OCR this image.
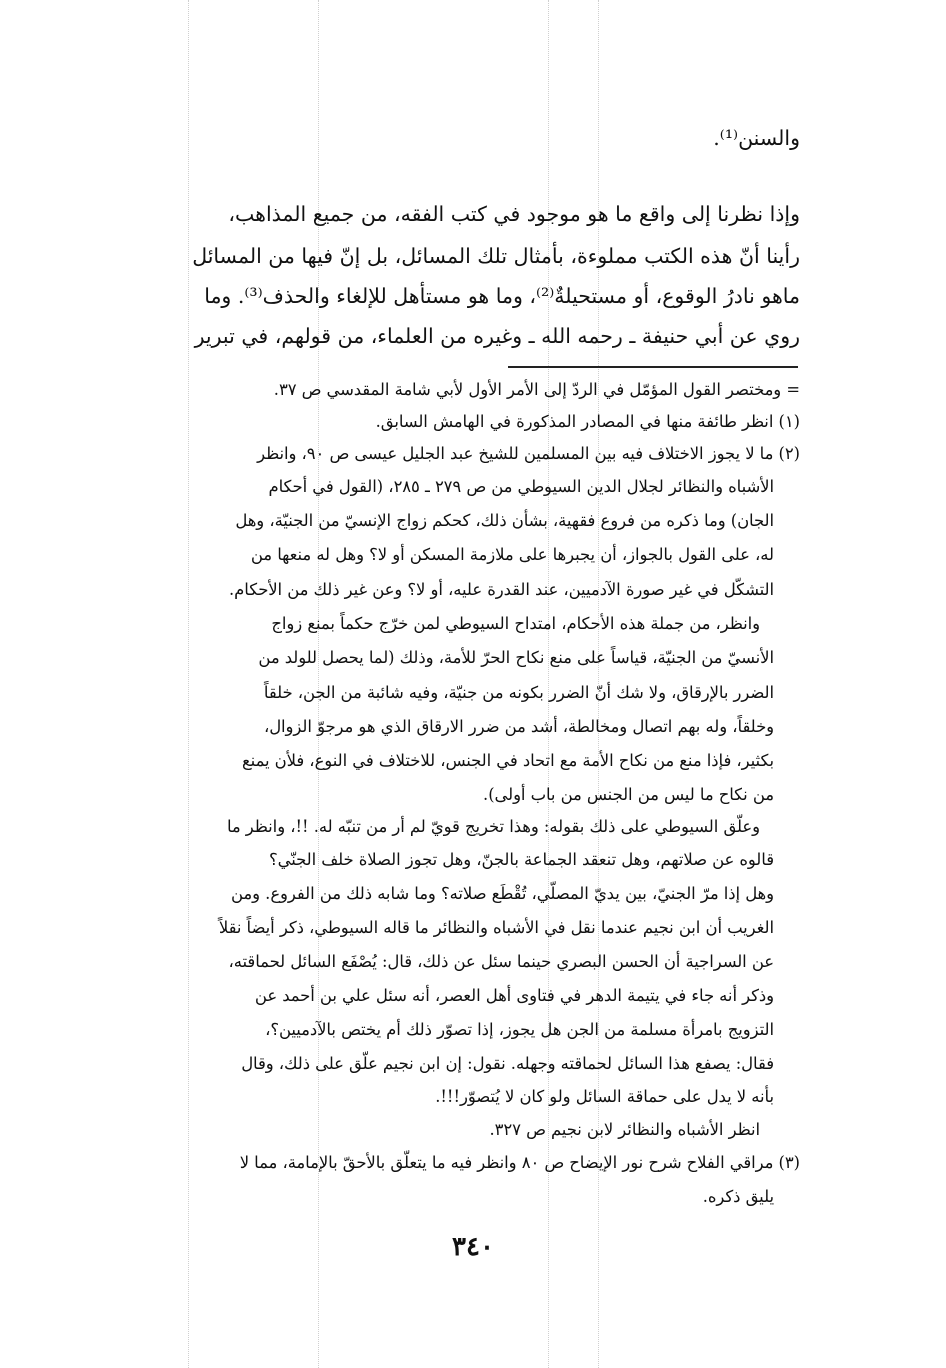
والسنن⁽¹⁾.
وإذا نظرنا إلى واقع ما هو موجود في كتب الفقه، من جميع المذاهب،
رأينا أنّ هذه الكتب مملوءة، بأمثال تلك المسائل، بل إنّ فيها من المسائل
ماهو نادرُ الوقوع، أو مستحيلةٌ⁽²⁾، وما هو مستأهل للإلغاء والحذف⁽³⁾. وما
روي عن أبي حنيفة ـ رحمه الله ـ وغيره من العلماء، من قولهم، في تبرير
= ومختصر القول المؤمّل في الردّ إلى الأمر الأول لأبي شامة المقدسي ص ٣٧.
(١) انظر طائفة منها في المصادر المذكورة في الهامش السابق.
(٢) ما لا يجوز الاختلاف فيه بين المسلمين للشيخ عبد الجليل عيسى ص ٩٠، وانظر
الأشباه والنظائر لجلال الدين السيوطي من ص ٢٧٩ ـ ٢٨٥، (القول في أحكام
الجان) وما ذكره من فروع فقهية، بشأن ذلك، كحكم زواج الإنسيّ من الجنيّة، وهل
له، على القول بالجواز، أن يجبرها على ملازمة المسكن أو لا؟ وهل له منعها من
التشكّل في غير صورة الآدميين، عند القدرة عليه، أو لا؟ وعن غير ذلك من الأحكام.
وانظر، من جملة هذه الأحكام، امتداح السيوطي لمن خرّج حكماً بمنع زواج
الأنسيّ من الجنيّة، قياساً على منع نكاح الحرّ للأمة، وذلك (لما يحصل للولد من
الضرر بالإرقاق، ولا شك أنّ الضرر بكونه من جنيّة، وفيه شائبة من الجن، خلقاً
وخلقاً، وله بهم اتصال ومخالطة، أشد من ضرر الارقاق الذي هو مرجوّ الزوال،
بكثير، فإذا منع من نكاح الأمة مع اتحاد في الجنس، للاختلاف في النوع، فلأن يمنع
من نكاح ما ليس من الجنس من باب أولى).
وعلّق السيوطي على ذلك بقوله: وهذا تخريج قويّ لم أر من تنبّه له. !!، وانظر ما
قالوه عن صلاتهم، وهل تنعقد الجماعة بالجنّ، وهل تجوز الصلاة خلف الجنّي؟
وهل إذا مرّ الجنيّ، بين يديّ المصلّي، تُقْطَع صلاته؟ وما شابه ذلك من الفروع. ومن
الغريب أن ابن نجيم عندما نقل في الأشباه والنظائر ما قاله السيوطي، ذكر أيضاً نقلاً
عن السراجية أن الحسن البصري حينما سئل عن ذلك، قال: يُصْفَع السائل لحماقته،
وذكر أنه جاء في يتيمة الدهر في فتاوى أهل العصر، أنه سئل علي بن أحمد عن
التزويج بامرأة مسلمة من الجن هل يجوز، إذا تصوّر ذلك أم يختص بالآدميين؟،
فقال: يصفع هذا السائل لحماقته وجهله. نقول: إن ابن نجيم علّق على ذلك، وقال
بأنه لا يدل على حماقة السائل ولو كان لا يُتصوّر!!!.
انظر الأشباه والنظائر لابن نجيم ص ٣٢٧.
(٣) مراقي الفلاح شرح نور الإيضاح ص ٨٠ وانظر فيه ما يتعلّق بالأحقّ بالإمامة، مما لا
يليق ذكره.
٣٤٠
